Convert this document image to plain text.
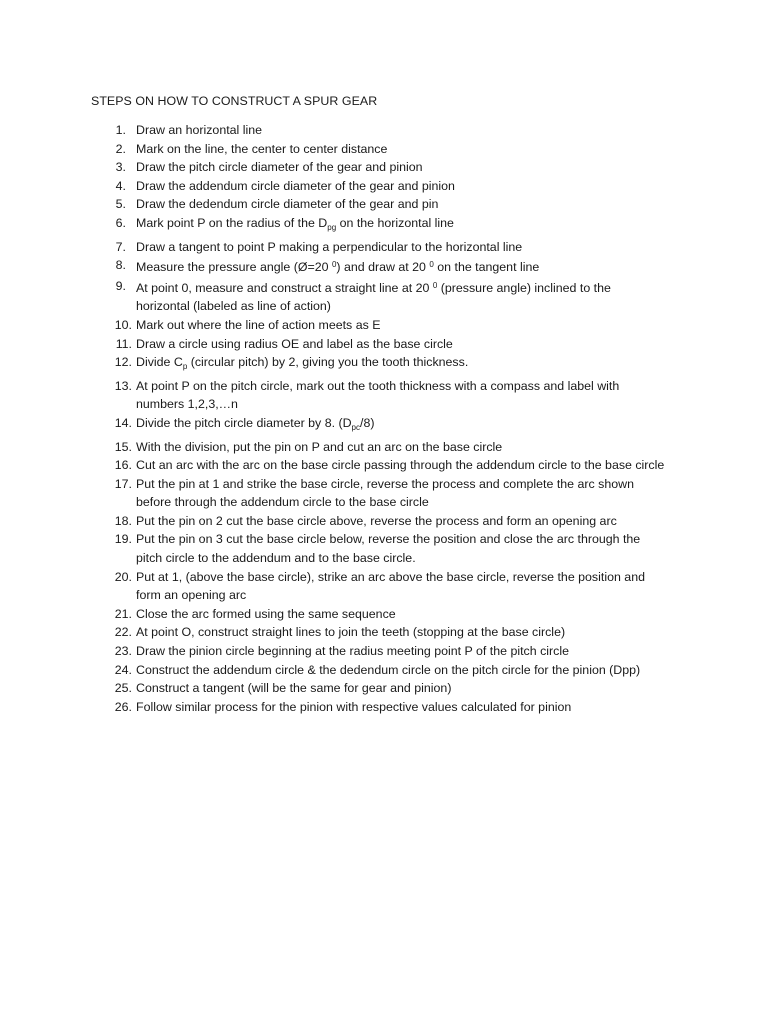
STEPS ON HOW TO CONSTRUCT A SPUR GEAR
1. Draw an horizontal line
2. Mark on the line, the center to center distance
3. Draw the pitch circle diameter of the gear and pinion
4. Draw the addendum circle diameter of the gear and pinion
5. Draw the dedendum circle diameter of the gear and pin
6. Mark point P on the radius of the $D_{pg}$ on the horizontal line
7. Draw a tangent to point P making a perpendicular to the horizontal line
8. Measure the pressure angle (Ø=20 $^0$) and draw at 20 $^0$ on the tangent line
9. At point 0, measure and construct a straight line at 20 $^0$ (pressure angle) inclined to the
horizontal (labeled as line of action)
10. Mark out where the line of action meets as E
11. Draw a circle using radius OE and label as the base circle
12. Divide $C_p$ (circular pitch) by 2, giving you the tooth thickness.
13. At point P on the pitch circle, mark out the tooth thickness with a compass and label with
numbers 1,2,3,…n
14. Divide the pitch circle diameter by 8. $(D_{pc}/8)$
15. With the division, put the pin on P and cut an arc on the base circle
16. Cut an arc with the arc on the base circle passing through the addendum circle to the base circle
17. Put the pin at 1 and strike the base circle, reverse the process and complete the arc shown
before through the addendum circle to the base circle
18. Put the pin on 2 cut the base circle above, reverse the process and form an opening arc
19. Put the pin on 3 cut the base circle below, reverse the position and close the arc through the
pitch circle to the addendum and to the base circle.
20. Put at 1, (above the base circle), strike an arc above the base circle, reverse the position and
form an opening arc
21. Close the arc formed using the same sequence
22. At point O, construct straight lines to join the teeth (stopping at the base circle)
23. Draw the pinion circle beginning at the radius meeting point P of the pitch circle
24. Construct the addendum circle & the dedendum circle on the pitch circle for the pinion (Dpp)
25. Construct a tangent (will be the same for gear and pinion)
26. Follow similar process for the pinion with respective values calculated for pinion
